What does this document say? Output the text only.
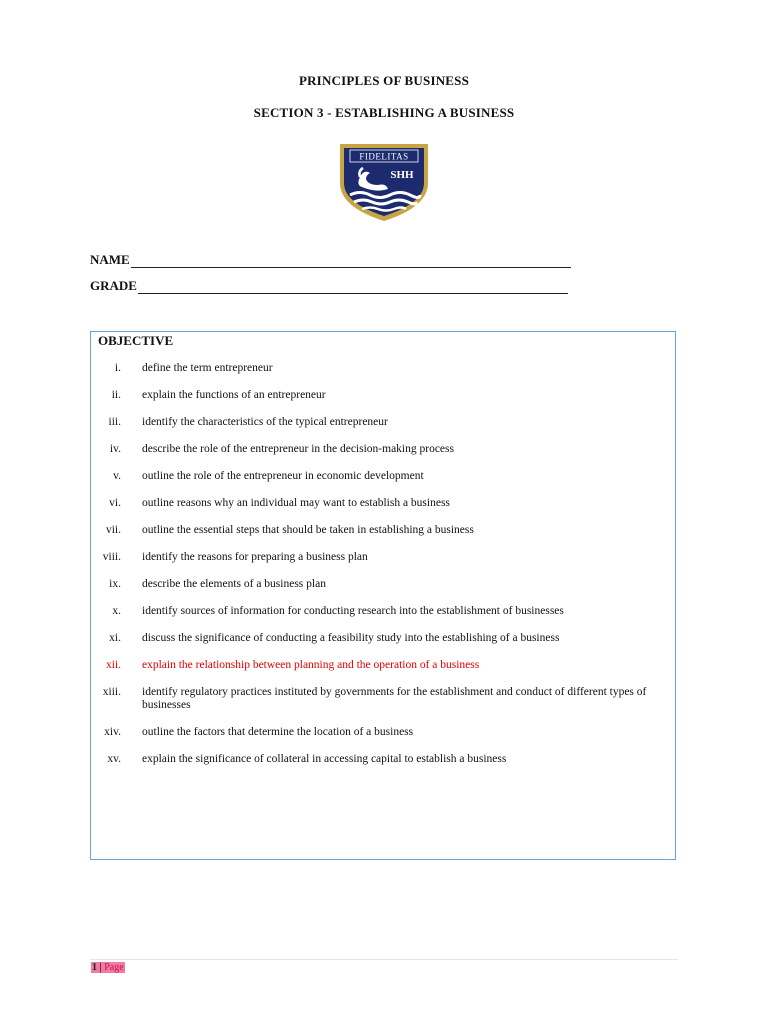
PRINCIPLES OF BUSINESS
SECTION 3 - ESTABLISHING A BUSINESS
FIDELITAS
SHH
NAME
GRADE
OBJECTIVE
i. define the term entrepreneur
ii. explain the functions of an entrepreneur
iii. identify the characteristics of the typical entrepreneur
iv. describe the role of the entrepreneur in the decision-making process
v. outline the role of the entrepreneur in economic development
vi. outline reasons why an individual may want to establish a business
vii. outline the essential steps that should be taken in establishing a business
viii. identify the reasons for preparing a business plan
ix. describe the elements of a business plan
x. identify sources of information for conducting research into the establishment of businesses
xi. discuss the significance of conducting a feasibility study into the establishing of a business
xii. explain the relationship between planning and the operation of a business
xiii. identify regulatory practices instituted by governments for the establishment and conduct of different types of businesses
xiv. outline the factors that determine the location of a business
xv. explain the significance of collateral in accessing capital to establish a business
1 | Page
